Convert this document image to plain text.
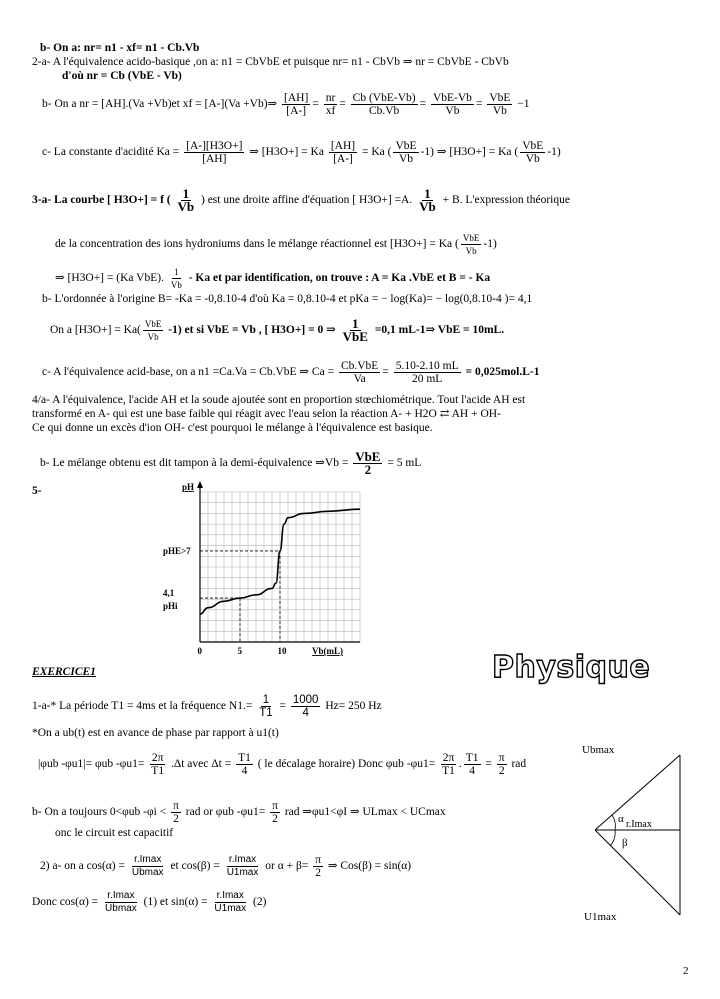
b- On a: nr= n1 - xf= n1 - Cb.Vb
2-a- A l'équivalence acido-basique ,on a: n1 = CbVbE et puisque nr= n1 - CbVb ⇒ nr = CbVbE - CbVb
d'où nr = Cb (VbE - Vb)
b- On a nr = [AH].(Va +Vb)et xf = [A-](Va +Vb)⇒ $\frac{[AH]}{[A-]} = \frac{nr}{xf} = \frac{\text{Cb (VbE-Vb)}}{Cb.Vb} = \frac{\text{VbE-Vb}}{Vb} = \frac{\text{VbE}}{Vb} -1$
c- La constante d'acidité $Ka = \frac{[A-][H3O+]}{[AH]}$ ⇒ [H3O+] = Ka $\frac{[AH]}{[A-]} = Ka$ ( $\frac{\text{VbE}}{Vb} -1$) ⇒ [H3O+] = Ka ( $\frac{\text{VbE}}{Vb} -1$)
3-a- La courbe [ H3O+] = f ( $\frac{1}{Vb}$ ) est une droite affine d'équation [ H3O+] =A. $\frac{1}{Vb} + B$. L'expression théorique
de la concentration des ions hydroniums dans le mélange réactionnel est [H3O+] = Ka ( $\frac{\text{VbE}}{Vb} -1$)
⇒ [H3O+] = (Ka VbE). $\frac{1}{Vb}$ - Ka et par identification, on trouve : A = Ka .VbE et B = - Ka
b- L'ordonnée à l'origine B= -Ka = -0,8.10-4 d'où Ka = 0,8.10-4 et pKa = − log(Ka)= − log(0,8.10-4 )= 4,1
On a $[H3O+] = Ka( \frac{\text{VbE}}{Vb} -1)$ et si VbE = Vb , [ H3O+] = 0 ⇒ $\frac{1}{\text{VbE}} =0,1$ mL-1⇒ VbE = 10mL.
c- A l'équivalence acid-base, on a n1 =Ca.Va = Cb.VbE ⇒ $Ca = \frac{\text{Cb.VbE}}{Va} = \frac{5.10-2.10 mL}{20 mL} = 0,025mol.L-1$
4/a- A l'équivalence, l'acide AH et la soude ajoutée sont en proportion stœchiométrique. Tout l'acide AH est
transformé en A- qui est une base faible qui réagit avec l'eau selon la réaction A- + H2O ⇄ AH + OH-
Ce qui donne un excès d'ion OH- c'est pourquoi le mélange à l'équivalence est basique.
b- Le mélange obtenu est dit tampon à la demi-équivalence ⇒Vb = $\frac{\text{VbE}}{2} = 5$ mL
5-	pH
Vb(mL)
0	5	10
pHE>7
4,1
pHi
Physique
EXERCICE1
1-a-* La période T1 = 4ms et la fréquence $N1.= \frac{1}{T1} = \frac{1000}{4} Hz= 250$ Hz
*On a ub(t) est en avance de phase par rapport à u1(t)
|φub -φu1|= φub $-\varphi u1= \frac{2\pi}{T1} .\Delta t$ avec $\Delta t = \frac{T1}{4}$ ( le décalage horaire) Donc φub $-\varphi u1= \frac{2\pi}{T1}$ . $\frac{T1}{4} = \frac{\pi}{2}$ rad
b- On a toujours 0<φub $-\varphi i < \frac{\pi}{2}$ rad or φub $-\varphi u1= \frac{\pi}{2}$ rad ⇒φu1<φI ⇒ ULmax < UCmax
onc le circuit est capacitif
2) a- on a $\cos(\alpha) = \frac{r.Imax}{Ubmax}$ et $\cos(\beta) = \frac{r.Imax}{U1\max}$ or $\alpha + \beta= \frac{\pi}{2}$ ⇒ Cos(β) = sin(α)
Donc $\cos(\alpha) = \frac{r.Imax}{Ubmax} (1)$ et $\sin(\alpha) = \frac{r.Imax}{U1\max} (2)$
Ubmax
α r.Imax
β
U1max
2
